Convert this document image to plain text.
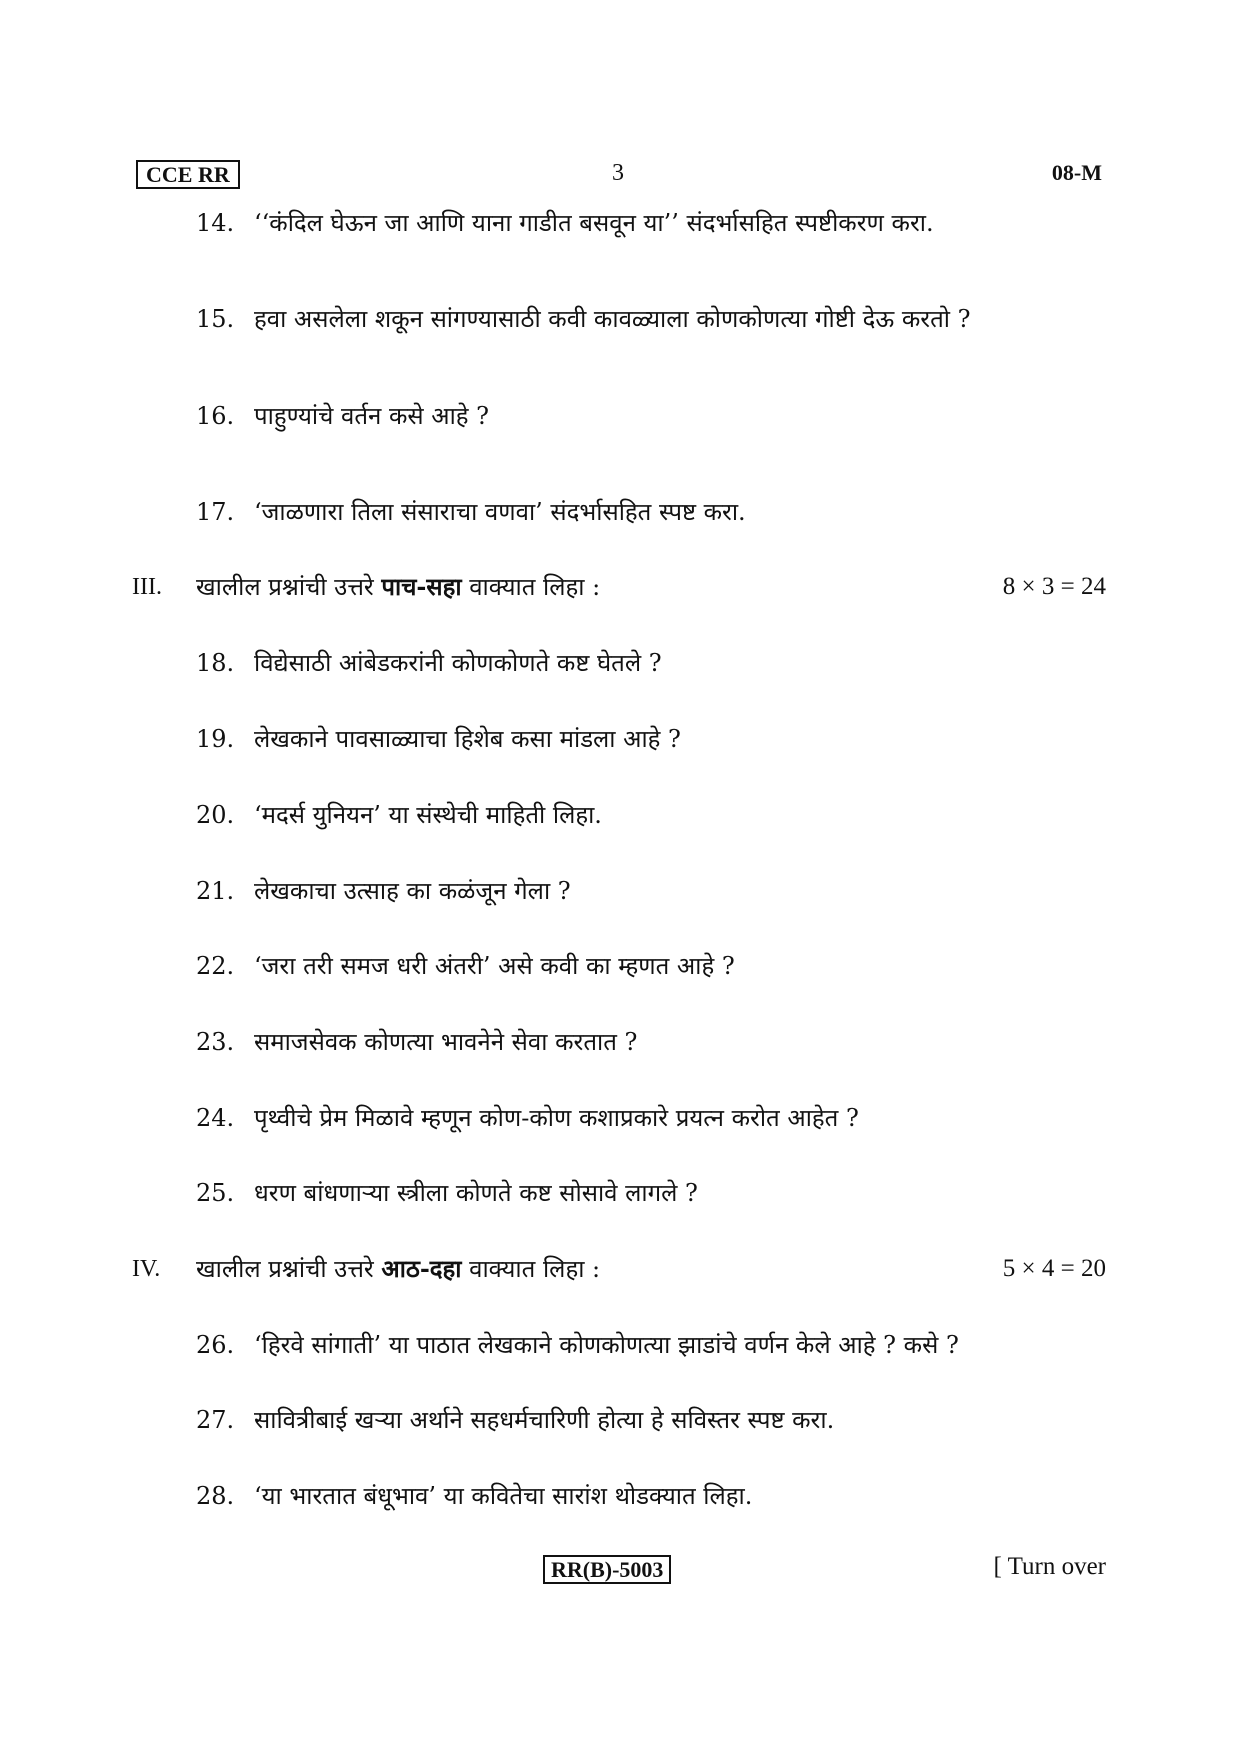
CCE RR	3	08-M
14. ‘‘कंदिल घेऊन जा आणि याना गाडीत बसवून या’’ संदर्भासहित स्पष्टीकरण करा.
15. हवा असलेला शकून सांगण्यासाठी कवी कावळ्याला कोणकोणत्या गोष्टी देऊ करतो ?
16. पाहुण्यांचे वर्तन कसे आहे ?
17. ‘जाळणारा तिला संसाराचा वणवा’ संदर्भासहित स्पष्ट करा.
III. खालील प्रश्नांची उत्तरे पाच-सहा वाक्यात लिहा :	8 × 3 = 24
18. विद्येसाठी आंबेडकरांनी कोणकोणते कष्ट घेतले ?
19. लेखकाने पावसाळ्याचा हिशेब कसा मांडला आहे ?
20. ‘मदर्स युनियन’ या संस्थेची माहिती लिहा.
21. लेखकाचा उत्साह का कळंजून गेला ?
22. ‘जरा तरी समज धरी अंतरी’ असे कवी का म्हणत आहे ?
23. समाजसेवक कोणत्या भावनेने सेवा करतात ?
24. पृथ्वीचे प्रेम मिळावे म्हणून कोण-कोण कशाप्रकारे प्रयत्न करोत आहेत ?
25. धरण बांधणाऱ्या स्त्रीला कोणते कष्ट सोसावे लागले ?
IV. खालील प्रश्नांची उत्तरे आठ-दहा वाक्यात लिहा :	5 × 4 = 20
26. ‘हिरवे सांगाती’ या पाठात लेखकाने कोणकोणत्या झाडांचे वर्णन केले आहे ? कसे ?
27. सावित्रीबाई खऱ्या अर्थाने सहधर्मचारिणी होत्या हे सविस्तर स्पष्ट करा.
28. ‘या भारतात बंधूभाव’ या कवितेचा सारांश थोडक्यात लिहा.
RR(B)-5003	[ Turn over
